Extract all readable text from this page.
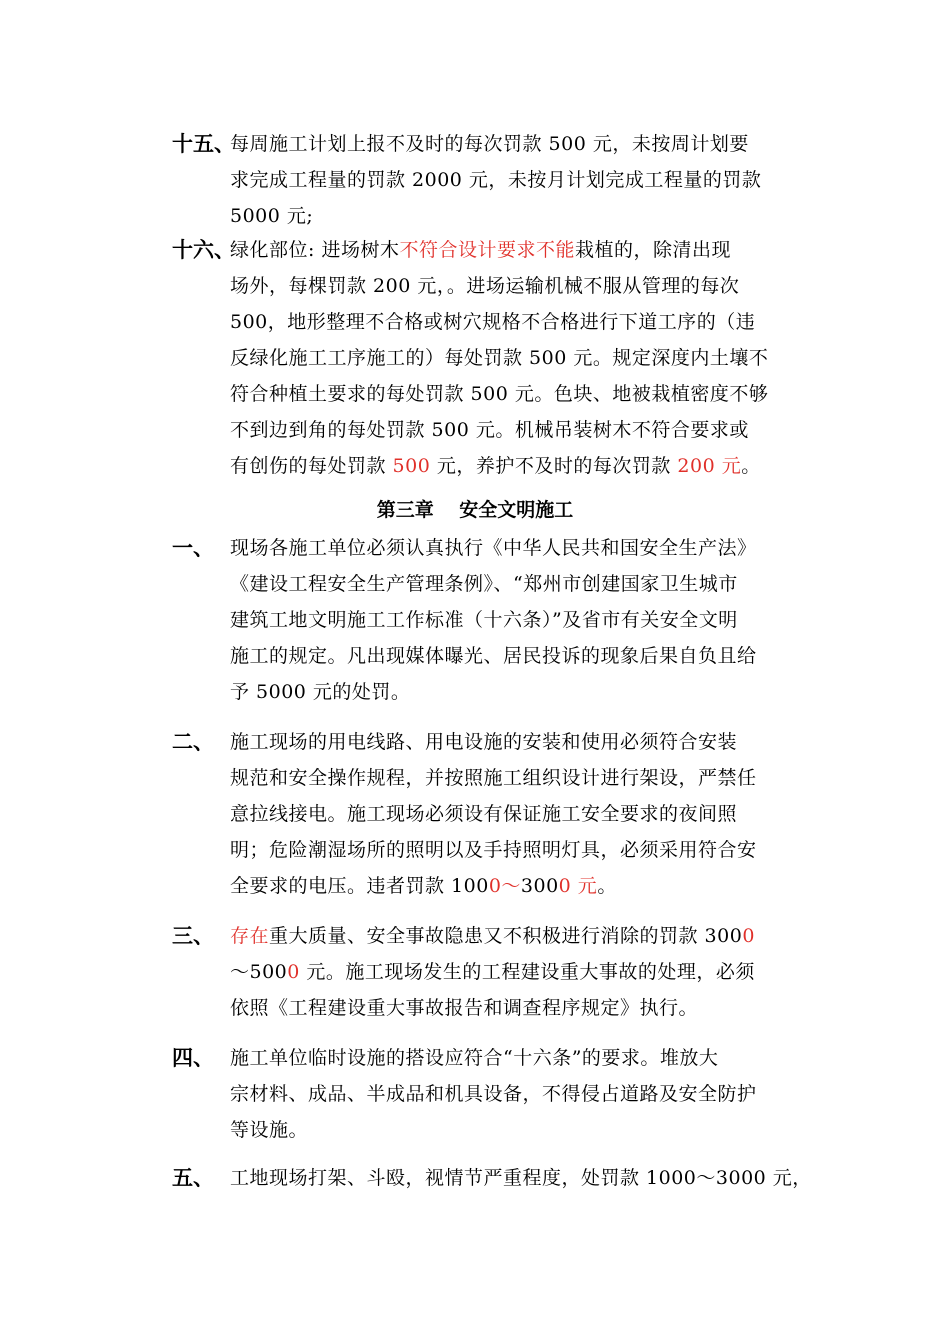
十五、
每周施工计划上报不及时的每次罚款 500 元，未按周计划要
求完成工程量的罚款 2000 元，未按月计划完成工程量的罚款
5000 元;
十六、
绿化部位: 进场树木不符合设计要求不能栽植的，除清出现
场外，每棵罚款 200 元，。进场运输机械不服从管理的每次
500，地形整理不合格或树穴规格不合格进行下道工序的（违
反绿化施工工序施工的）每处罚款 500 元。规定深度内土壤不
符合种植土要求的每处罚款 500 元。色块、地被栽植密度不够
不到边到角的每处罚款 500 元。机械吊装树木不符合要求或
有创伤的每处罚款 500 元，养护不及时的每次罚款 200 元。
第三章　 安全文明施工
一、 现场各施工单位必须认真执行《中华人民共和国安全生产法》
《建设工程安全生产管理条例》、“郑州市创建国家卫生城市
建筑工地文明施工工作标准（十六条）”及省市有关安全文明
施工的规定。凡出现媒体曝光、居民投诉的现象后果自负且给
予 5000 元的处罚。
二、 施工现场的用电线路、用电设施的安装和使用必须符合安装
规范和安全操作规程，并按照施工组织设计进行架设，严禁任
意拉线接电。施工现场必须设有保证施工安全要求的夜间照
明；危险潮湿场所的照明以及手持照明灯具，必须采用符合安
全要求的电压。违者罚款 1000～3000 元。
三、 存在重大质量、安全事故隐患又不积极进行消除的罚款 3000
～5000 元。施工现场发生的工程建设重大事故的处理，必须
依照《工程建设重大事故报告和调查程序规定》执行。
四、 施工单位临时设施的搭设应符合“十六条”的要求。堆放大
宗材料、成品、半成品和机具设备，不得侵占道路及安全防护
等设施。
五、 工地现场打架、斗殴，视情节严重程度，处罚款 1000～3000 元，
